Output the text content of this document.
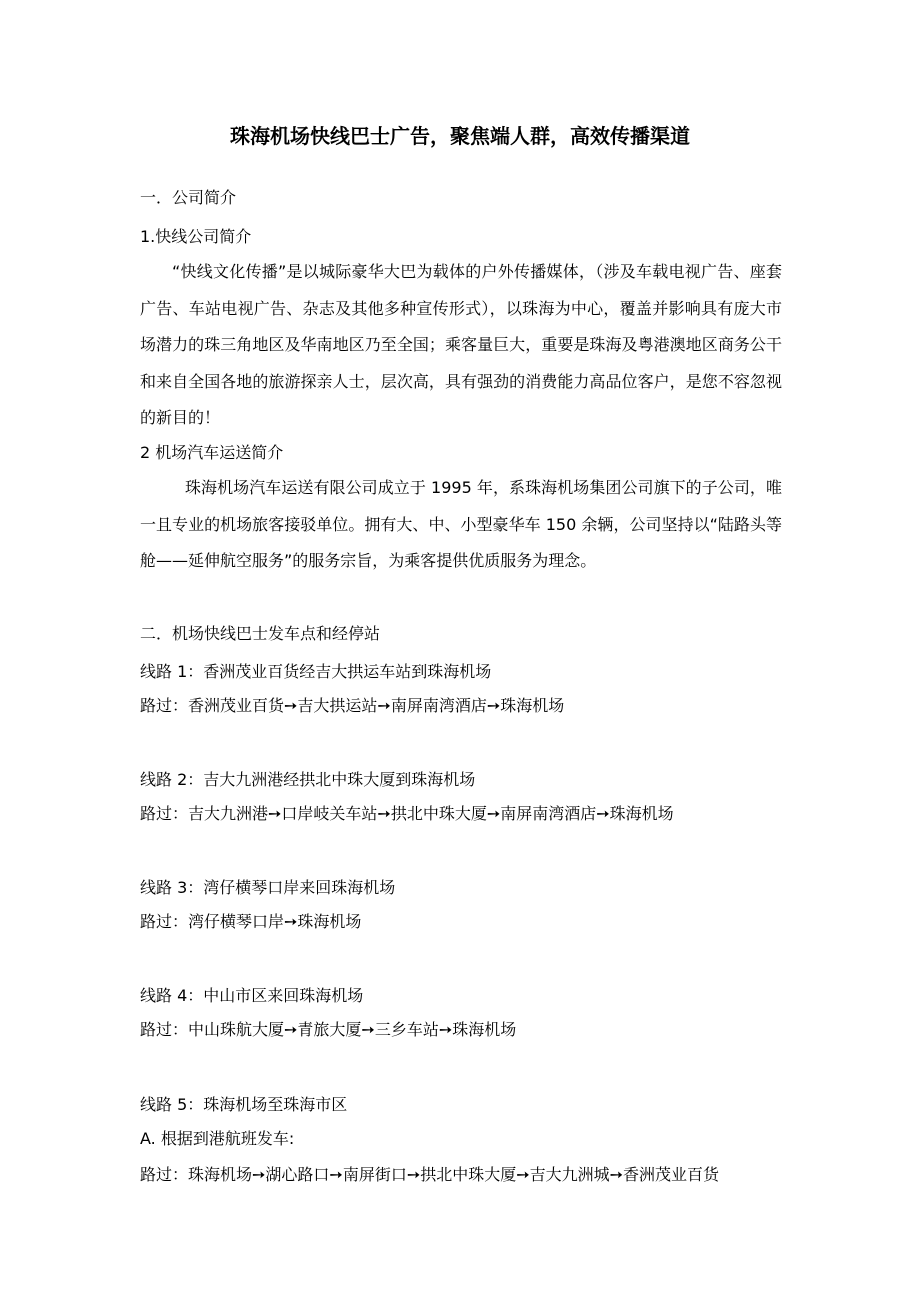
珠海机场快线巴士广告，聚焦端人群，高效传播渠道
一．公司简介
1.快线公司简介
“快线文化传播”是以城际豪华大巴为载体的户外传播媒体，（涉及车载电视广告、座套广告、车站电视广告、杂志及其他多种宣传形式），以珠海为中心，覆盖并影响具有庞大市场潜力的珠三角地区及华南地区乃至全国；乘客量巨大，重要是珠海及粤港澳地区商务公干和来自全国各地的旅游探亲人士，层次高，具有强劲的消费能力高品位客户，是您不容忽视的新目的！
2 机场汽车运送简介
珠海机场汽车运送有限公司成立于 1995 年，系珠海机场集团公司旗下的子公司，唯一且专业的机场旅客接驳单位。拥有大、中、小型豪华车 150 余辆，公司坚持以“陆路头等舱——延伸航空服务”的服务宗旨，为乘客提供优质服务为理念。
二．机场快线巴士发车点和经停站
线路 1：香洲茂业百货经吉大拱运车站到珠海机场
路过：香洲茂业百货➙吉大拱运站➙南屏南湾酒店➙珠海机场
线路 2：吉大九洲港经拱北中珠大厦到珠海机场
路过：吉大九洲港➙口岸岐关车站➙拱北中珠大厦➙南屏南湾酒店➙珠海机场
线路 3：湾仔横琴口岸来回珠海机场
路过：湾仔横琴口岸➙珠海机场
线路 4：中山市区来回珠海机场
路过：中山珠航大厦➙青旅大厦➙三乡车站➙珠海机场
线路 5：珠海机场至珠海市区
A. 根据到港航班发车:
路过：珠海机场➙湖心路口➙南屏街口➙拱北中珠大厦➙吉大九洲城➙香洲茂业百货
